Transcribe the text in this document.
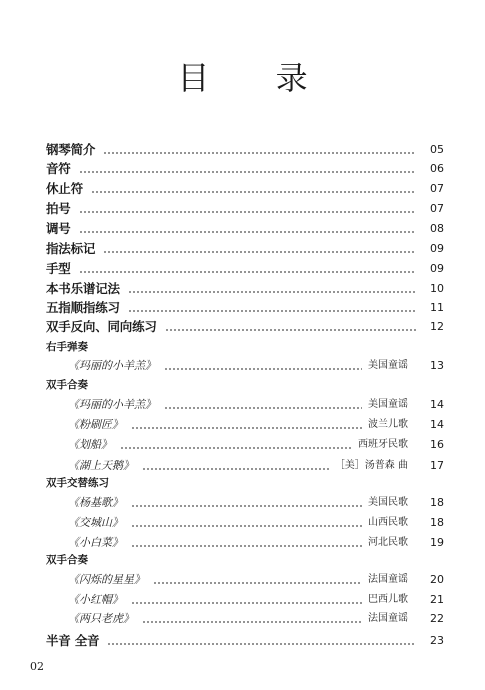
目 录
钢琴简介	05
音符	06
休止符	07
拍号	07
调号	08
指法标记	09
手型	09
本书乐谱记法	10
五指顺指练习	11
双手反向、同向练习	12
右手弹奏
《玛丽的小羊羔》	美国童谣	13
双手合奏
《玛丽的小羊羔》	美国童谣	14
《粉刷匠》	波兰儿歌	14
《划船》	西班牙民歌	16
《湖上天鹅》	［美］汤普森 曲	17
双手交替练习
《杨基歌》	美国民歌	18
《交城山》	山西民歌	18
《小白菜》	河北民歌	19
双手合奏
《闪烁的星星》	法国童谣	20
《小红帽》	巴西儿歌	21
《两只老虎》	法国童谣	22
半音 全音	23
02
